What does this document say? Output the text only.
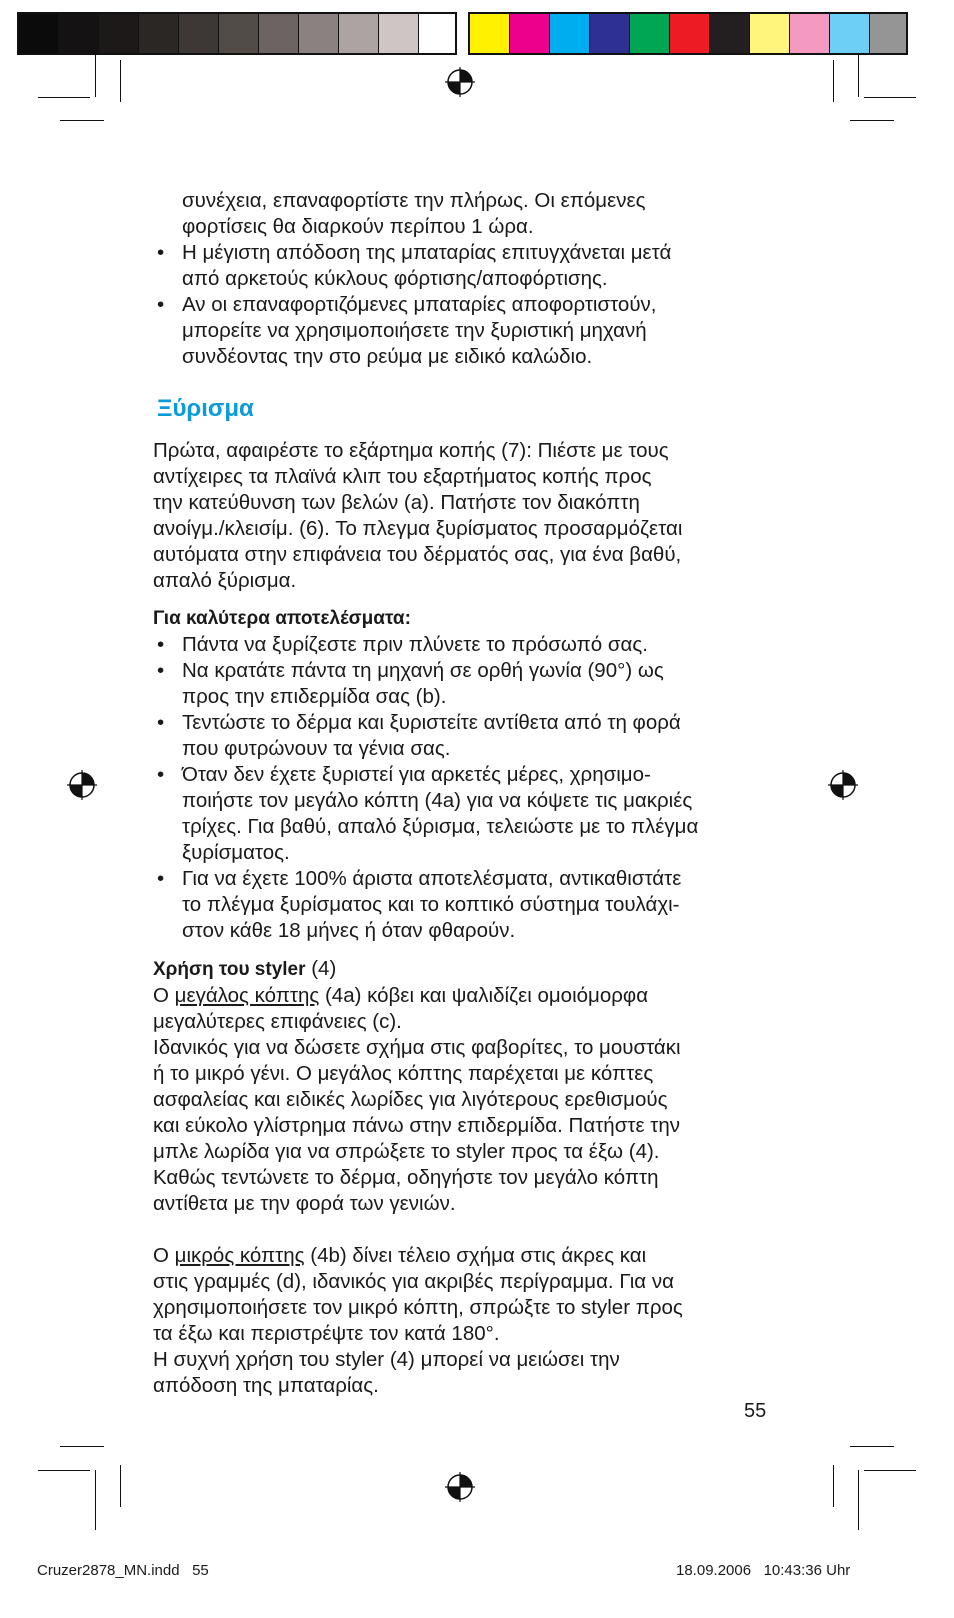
συνέχεια, επαναφορτίστε την πλήρως. Οι επόμενες
φορτίσεις θα διαρκούν περίπου 1 ώρα.

• Η μέγιστη απόδοση της μπαταρίας επιτυγχάνεται μετά
από αρκετούς κύκλους φόρτισης/αποφόρτισης.

• Αν οι επαναφορτιζόμενες μπαταρίες αποφορτιστούν,
μπορείτε να χρησιμοποιήσετε την ξυριστική μηχανή
συνδέοντας την στο ρεύμα με ειδικό καλώδιο.

Ξύρισμα

Πρώτα, αφαιρέστε το εξάρτημα κοπής (7): Πιέστε με τους
αντίχειρες τα πλαϊνά κλιπ του εξαρτήματος κοπής προς
την κατεύθυνση των βελών (a). Πατήστε τον διακόπτη
ανοίγμ./κλεισίμ. (6). Το πλεγμα ξυρίσματος προσαρμόζεται
αυτόματα στην επιφάνεια του δέρματός σας, για ένα βαθύ,
απαλό ξύρισμα.

Για καλύτερα αποτελέσματα:

• Πάντα να ξυρίζεστε πριν πλύνετε το πρόσωπό σας.

• Να κρατάτε πάντα τη μηχανή σε ορθή γωνία (90°) ως
προς την επιδερμίδα σας (b).

• Τεντώστε το δέρμα και ξυριστείτε αντίθετα από τη φορά
που φυτρώνουν τα γένια σας.

• Όταν δεν έχετε ξυριστεί για αρκετές μέρες, χρησιμο-
ποιήστε τον μεγάλο κόπτη (4a) για να κόψετε τις μακριές
τρίχες. Για βαθύ, απαλό ξύρισμα, τελειώστε με το πλέγμα
ξυρίσματος.

• Για να έχετε 100% άριστα αποτελέσματα, αντικαθιστάτε
το πλέγμα ξυρίσματος και το κοπτικό σύστημα τουλάχι-
στον κάθε 18 μήνες ή όταν φθαρούν.

Χρήση του styler (4)

Ο μεγάλος κόπτης (4a) κόβει και ψαλιδίζει ομοιόμορφα
μεγαλύτερες επιφάνειες (c).
Ιδανικός για να δώσετε σχήμα στις φαβορίτες, το μουστάκι
ή το μικρό γένι. Ο μεγάλος κόπτης παρέχεται με κόπτες
ασφαλείας και ειδικές λωρίδες για λιγότερους ερεθισμούς
και εύκολο γλίστρημα πάνω στην επιδερμίδα. Πατήστε την
μπλε λωρίδα για να σπρώξετε το styler προς τα έξω (4).
Καθώς τεντώνετε το δέρμα, οδηγήστε τον μεγάλο κόπτη
αντίθετα με την φορά των γενιών.

Ο μικρός κόπτης (4b) δίνει τέλειο σχήμα στις άκρες και
στις γραμμές (d), ιδανικός για ακριβές περίγραμμα. Για να
χρησιμοποιήσετε τον μικρό κόπτη, σπρώξτε το styler προς
τα έξω και περιστρέψτε τον κατά 180°.
Η συχνή χρήση του styler (4) μπορεί να μειώσει την
απόδοση της μπαταρίας.

55
Cruzer2878_MN.indd   55	18.09.2006   10:43:36 Uhr
